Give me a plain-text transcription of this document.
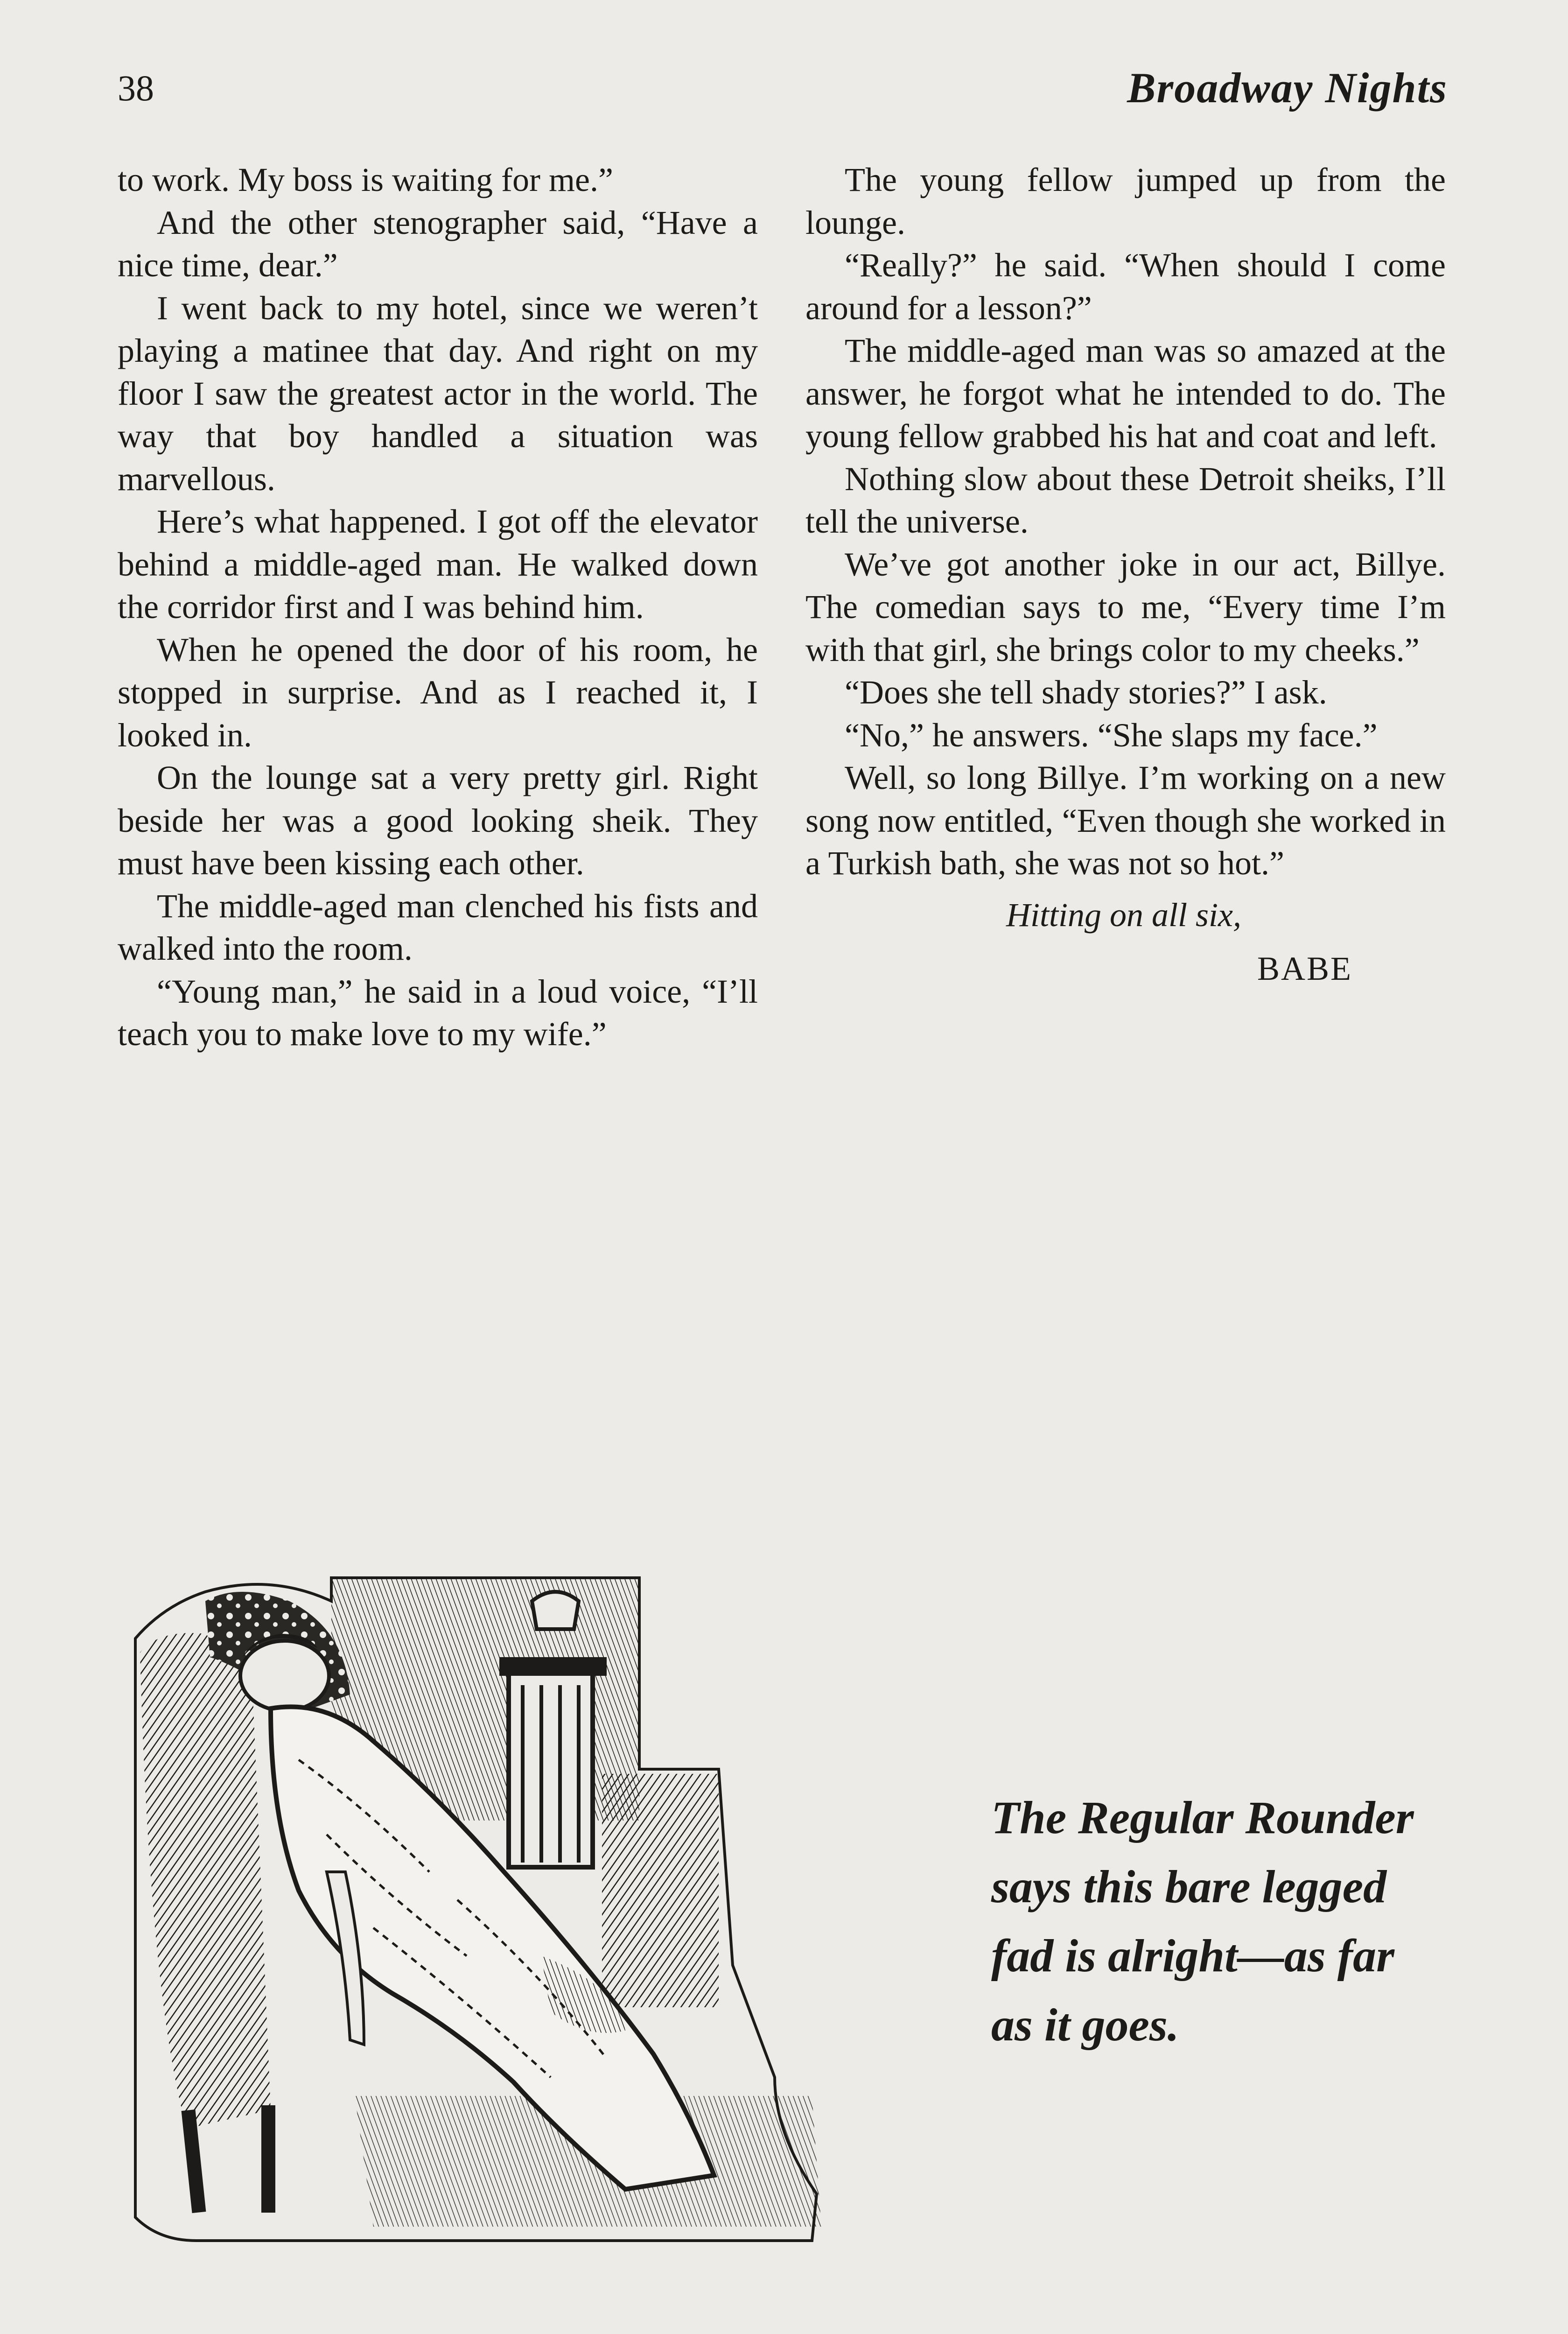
38	Broadway Nights

to work. My boss is waiting for me.”

And the other stenographer said, “Have a nice time, dear.”

I went back to my hotel, since we weren’t playing a matinee that day. And right on my floor I saw the greatest actor in the world. The way that boy handled a situation was marvellous.

Here’s what happened. I got off the elevator behind a middle-aged man. He walked down the corridor first and I was behind him.

When he opened the door of his room, he stopped in surprise. And as I reached it, I looked in.

On the lounge sat a very pretty girl. Right beside her was a good looking sheik. They must have been kissing each other.

The middle-aged man clenched his fists and walked into the room.

“Young man,” he said in a loud voice, “I’ll teach you to make love to my wife.”

The young fellow jumped up from the lounge.

“Really?” he said. “When should I come around for a lesson?”

The middle-aged man was so amazed at the answer, he forgot what he intended to do. The young fellow grabbed his hat and coat and left.

Nothing slow about these Detroit sheiks, I’ll tell the universe.

We’ve got another joke in our act, Billye. The comedian says to me, “Every time I’m with that girl, she brings color to my cheeks.”

“Does she tell shady stories?” I ask.

“No,” he answers. “She slaps my face.”

Well, so long Billye. I’m working on a new song now entitled, “Even though she worked in a Turkish bath, she was not so hot.”

Hitting on all six,

BABE

The Regular Rounder
says this bare legged
fad is alright—as far
as it goes.
